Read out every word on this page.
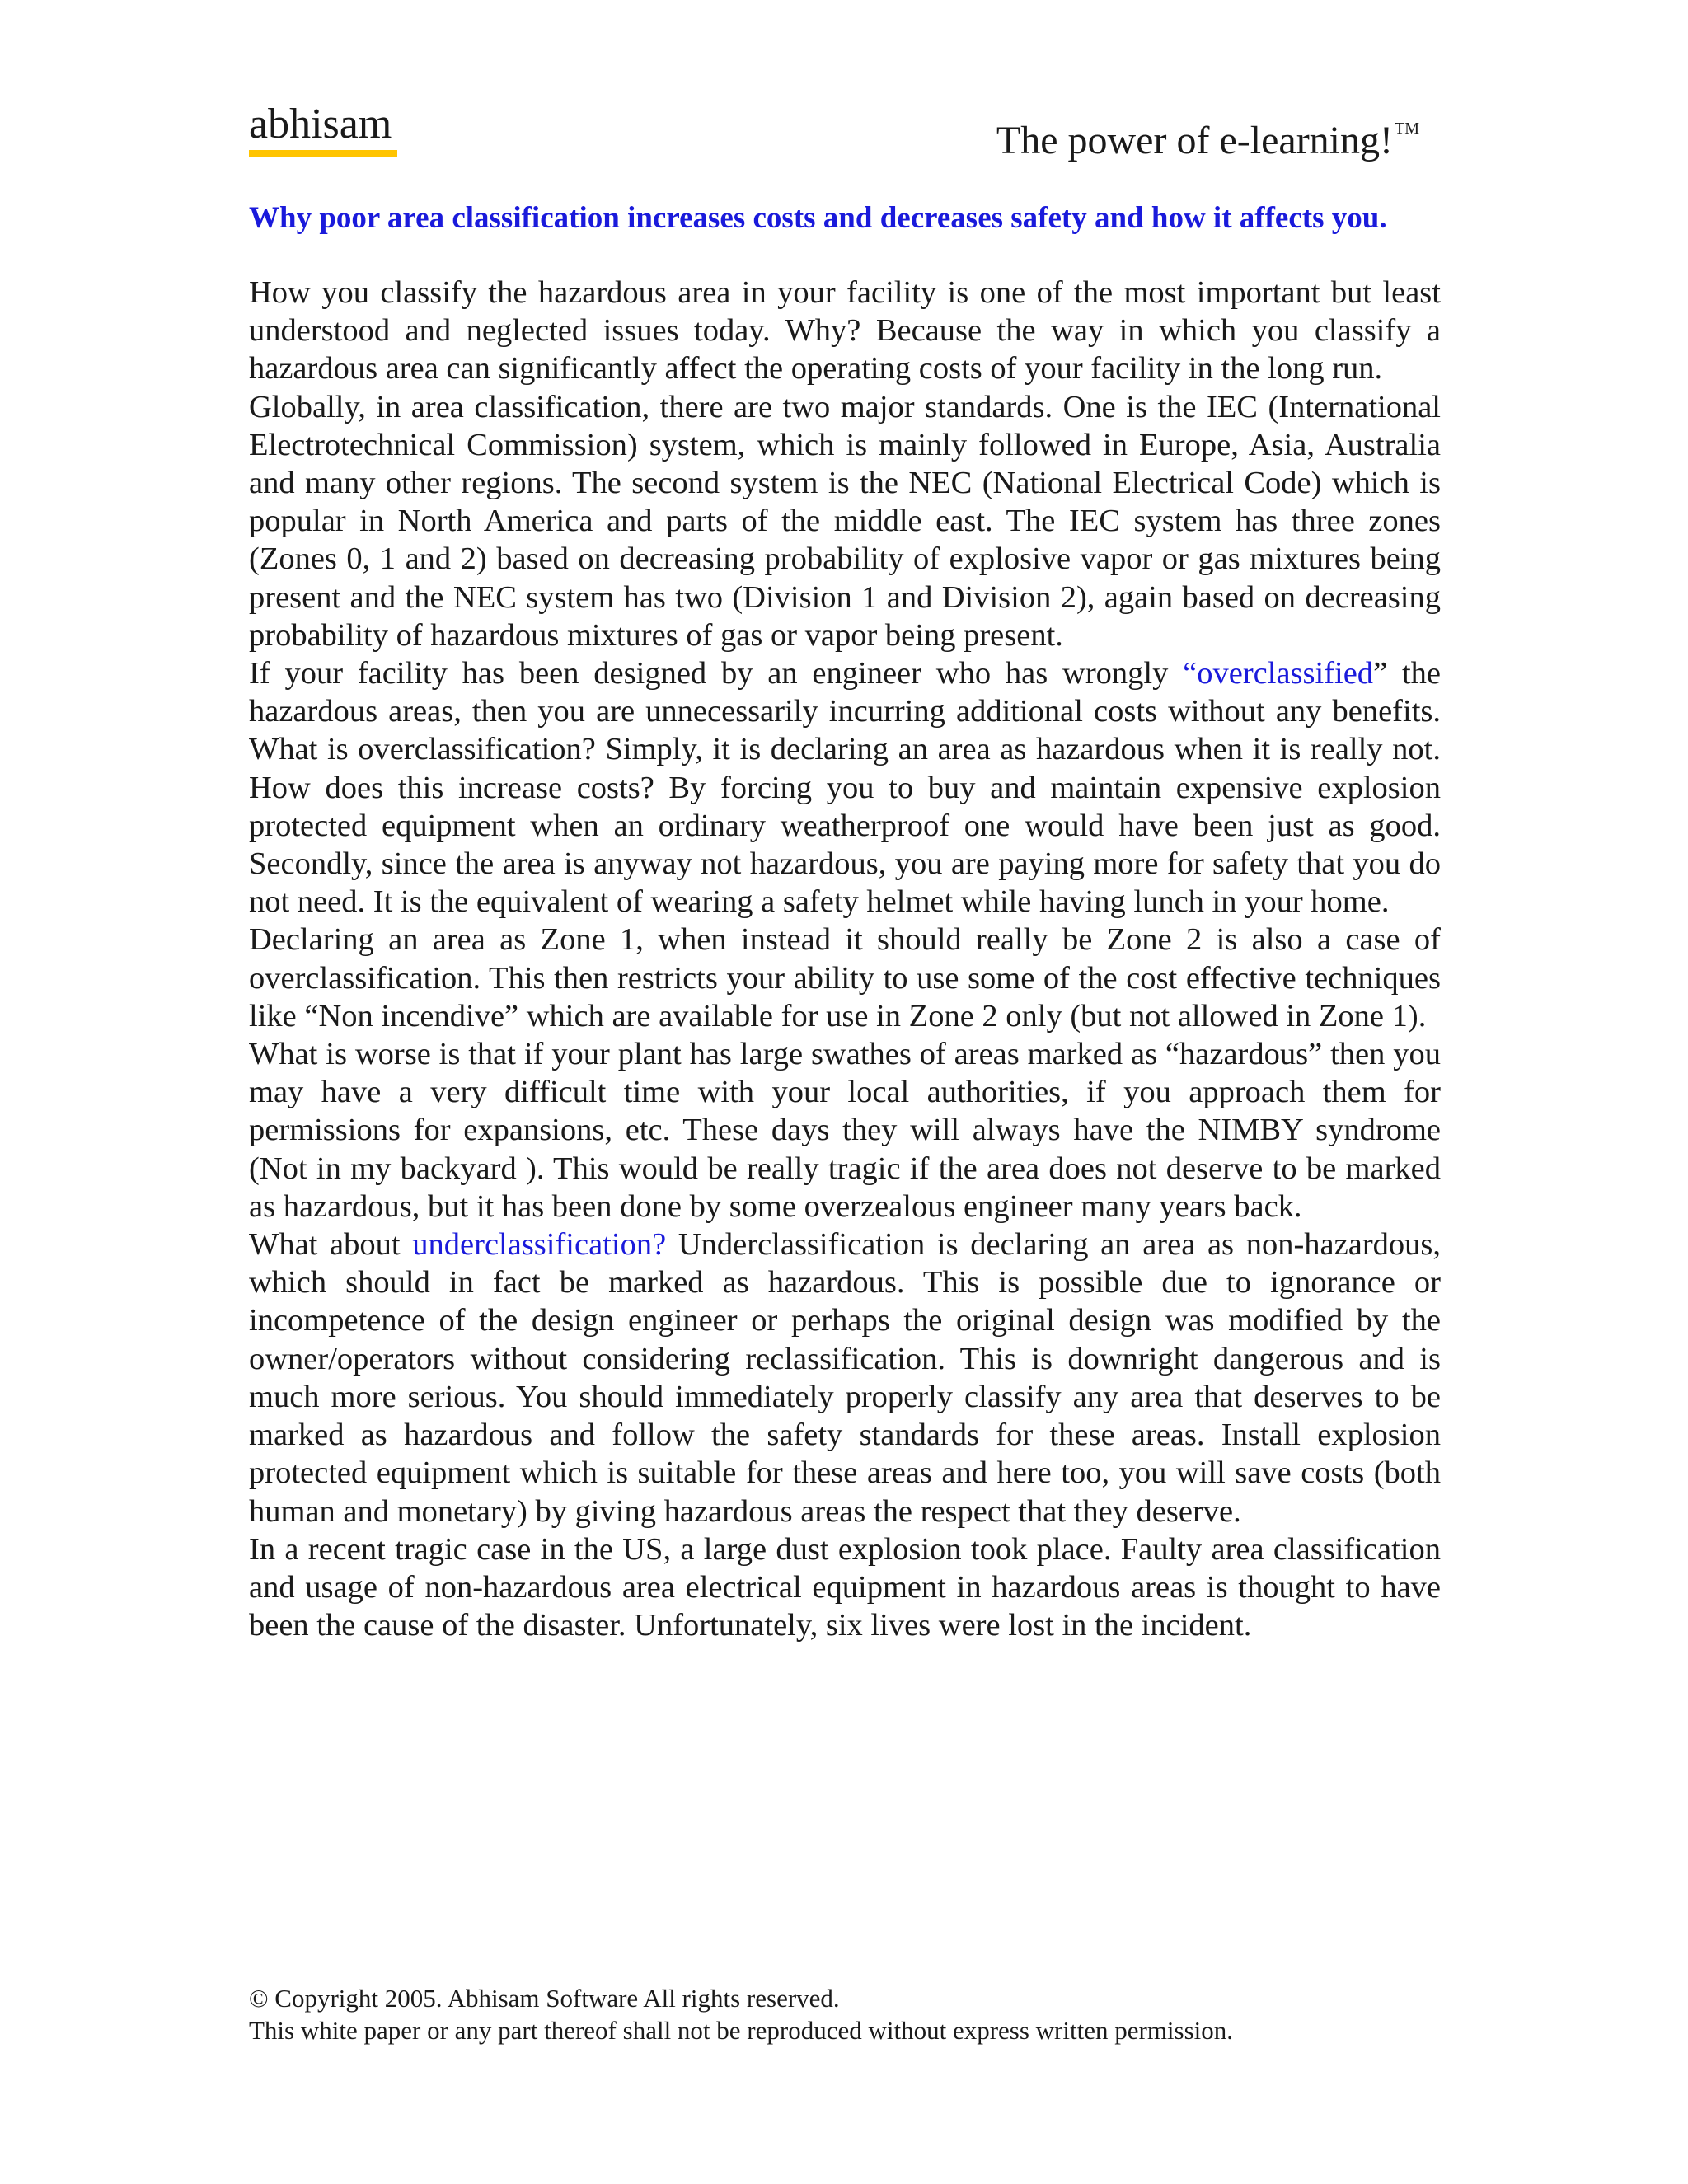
abhisam	The power of e-learning! ™
Why poor area classification increases costs and decreases safety and how it affects you.

How you classify the hazardous area in your facility is one of the most important but least understood and neglected issues today. Why? Because the way in which you classify a hazardous area can significantly affect the operating costs of your facility in the long run.

Globally, in area classification, there are two major standards. One is the IEC (International Electrotechnical Commission) system, which is mainly followed in Europe, Asia, Australia and many other regions. The second system is the NEC (National Electrical Code) which is popular in North America and parts of the middle east. The IEC system has three zones (Zones 0, 1 and 2) based on decreasing probability of explosive vapor or gas mixtures being present and the NEC system has two (Division 1 and Division 2), again based on decreasing probability of hazardous mixtures of gas or vapor being present.

If your facility has been designed by an engineer who has wrongly “overclassified” the hazardous areas, then you are unnecessarily incurring additional costs without any benefits. What is overclassification? Simply, it is declaring an area as hazardous when it is really not. How does this increase costs? By forcing you to buy and maintain expensive explosion protected equipment when an ordinary weatherproof one would have been just as good. Secondly, since the area is anyway not hazardous, you are paying more for safety that you do not need. It is the equivalent of wearing a safety helmet while having lunch in your home.

Declaring an area as Zone 1, when instead it should really be Zone 2 is also a case of overclassification. This then restricts your ability to use some of the cost effective techniques like “Non incendive” which are available for use in Zone 2 only (but not allowed in Zone 1).

What is worse is that if your plant has large swathes of areas marked as “hazardous” then you may have a very difficult time with your local authorities, if you approach them for permissions for expansions, etc. These days they will always have the NIMBY syndrome (Not in my backyard ). This would be really tragic if the area does not deserve to be marked as hazardous, but it has been done by some overzealous engineer many years back.

What about underclassification? Underclassification is declaring an area as non-hazardous, which should in fact be marked as hazardous. This is possible due to ignorance or incompetence of the design engineer or perhaps the original design was modified by the owner/operators without considering reclassification. This is downright dangerous and is much more serious. You should immediately properly classify any area that deserves to be marked as hazardous and follow the safety standards for these areas. Install explosion protected equipment which is suitable for these areas and here too, you will save costs (both human and monetary) by giving hazardous areas the respect that they deserve.

In a recent tragic case in the US, a large dust explosion took place. Faulty area classification and usage of non-hazardous area electrical equipment in hazardous areas is thought to have been the cause of the disaster. Unfortunately, six lives were lost in the incident.

© Copyright 2005. Abhisam Software All rights reserved.
This white paper or any part thereof shall not be reproduced without express written permission.
